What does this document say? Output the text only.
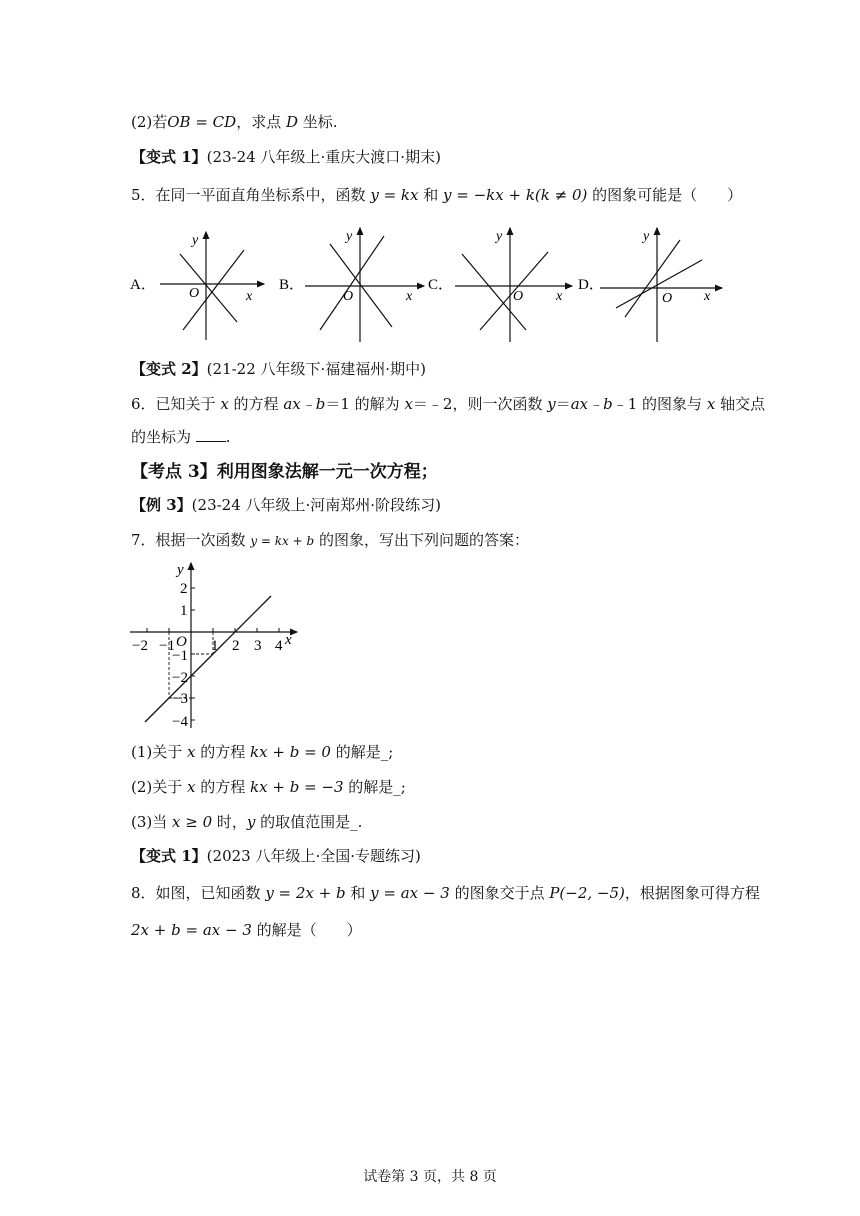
(2)若OB = CD，求点 D 坐标.
【变式 1】(23-24 八年级上·重庆大渡口·期末)
5．在同一平面直角坐标系中，函数 y = kx 和 y = −kx + k(k ≠ 0) 的图象可能是（　　）
A．
y
x
O
B．
y
x
O
C．
y
x
O
D．
y
x
O
【变式 2】(21-22 八年级下·福建福州·期中)
6．已知关于 x 的方程 ax﹣b＝1 的解为 x＝﹣2，则一次函数 y＝ax﹣b﹣1 的图象与 x 轴交点
的坐标为 .
【考点 3】利用图象法解一元一次方程；
【例 3】(23-24 八年级上·河南郑州·阶段练习)
7．根据一次函数 y = kx + b 的图象，写出下列问题的答案：
y
x
O
−2 −1 1 2 3 4
2
1
−1
−2
−3
−4
(1)关于 x 的方程 kx + b = 0 的解是_;
(2)关于 x 的方程 kx + b = −3 的解是_;
(3)当 x ≥ 0 时，y 的取值范围是_.
【变式 1】(2023 八年级上·全国·专题练习)
8．如图，已知函数 y = 2x + b 和 y = ax − 3 的图象交于点 P(−2, −5)，根据图象可得方程
2x + b = ax − 3 的解是（　　）
试卷第 3 页，共 8 页
